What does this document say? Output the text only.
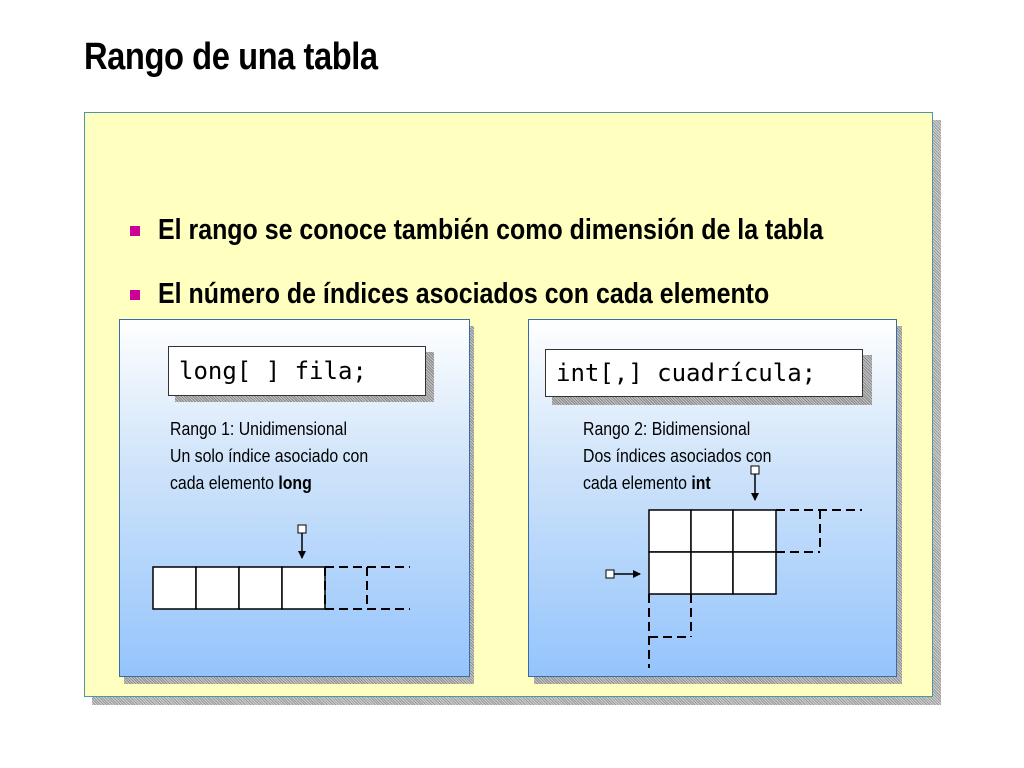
Rango de una tabla
El rango se conoce también como dimensión de la tabla
El número de índices asociados con cada elemento
long[ ] fila;
Rango 1: Unidimensional
Un solo índice asociado con
cada elemento long
int[,] cuadrícula;
Rango 2: Bidimensional
Dos índices asociados con
cada elemento int
